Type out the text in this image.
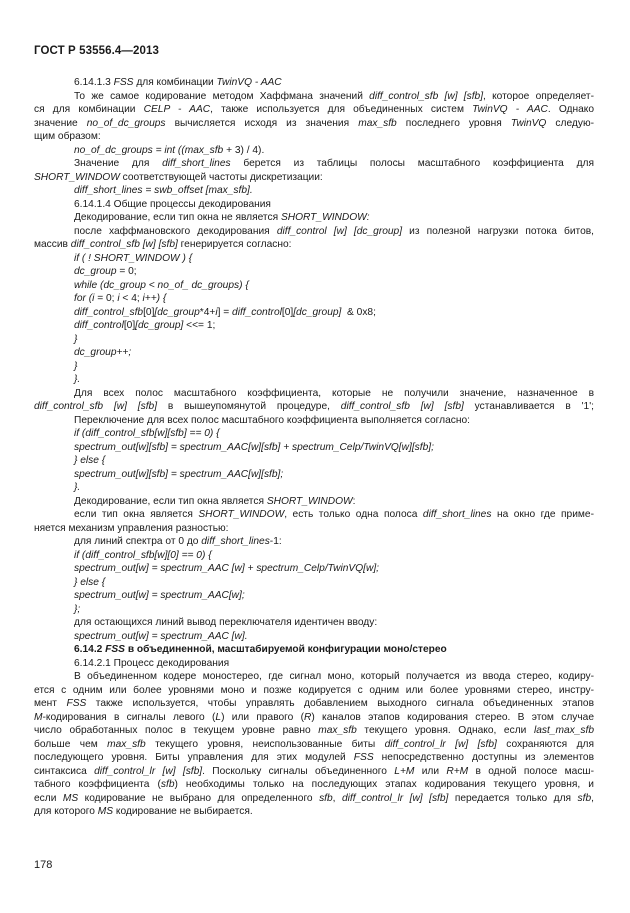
ГОСТ Р 53556.4—2013
6.14.1.3 FSS для комбинации TwinVQ - AAC
То же самое кодирование методом Хаффмана значений diff_control_sfb [w] [sfb], которое определяет-
ся для комбинации CELP - AAC, также используется для объединенных систем TwinVQ - AAC. Однако
значение no_of_dc_groups вычисляется исходя из значения max_sfb последнего уровня TwinVQ следую-
щим образом:
no_of_dc_groups = int ((max_sfb + 3) / 4).
Значение для diff_short_lines берется из таблицы полосы масштабного коэффициента для
SHORT_WINDOW соответствующей частоты дискретизации:
diff_short_lines = swb_offset [max_sfb].
6.14.1.4 Общие процессы декодирования
Декодирование, если тип окна не является SHORT_WINDOW:
после хаффмановского декодирования diff_control [w] [dc_group] из полезной нагрузки потока битов,
массив diff_control_sfb [w] [sfb] генерируется согласно:
if ( ! SHORT_WINDOW ) {
dc_group = 0;
while (dc_group < no_of_ dc_groups) {
for (i = 0; i < 4; i++) {
diff_control_sfb[0][dc_group*4+i] = diff_control[0][dc_group]  & 0x8;
diff_control[0][dc_group] <<= 1;
}
dc_group++;
}
}.
Для всех полос масштабного коэффициента, которые не получили значение, назначенное в
diff_control_sfb [w] [sfb] в вышеупомянутой процедуре, diff_control_sfb [w] [sfb] устанавливается в '1';
Переключение для всех полос масштабного коэффициента выполняется согласно:
if (diff_control_sfb[w][sfb] == 0) {
spectrum_out[w][sfb] = spectrum_AAC[w][sfb] + spectrum_Celp/TwinVQ[w][sfb];
} else {
spectrum_out[w][sfb] = spectrum_AAC[w][sfb];
}.
Декодирование, если тип окна является SHORT_WINDOW:
если тип окна является SHORT_WINDOW, есть только одна полоса diff_short_lines на окно где приме-
няется механизм управления разностью:
для линий спектра от 0 до diff_short_lines-1:
if (diff_control_sfb[w][0] == 0) {
spectrum_out[w] = spectrum_AAC [w] + spectrum_Celp/TwinVQ[w];
} else {
spectrum_out[w] = spectrum_AAC[w];
};
для остающихся линий вывод переключателя идентичен вводу:
spectrum_out[w] = spectrum_AAC [w].
6.14.2 FSS в объединенной, масштабируемой конфигурации моно/стерео
6.14.2.1 Процесс декодирования
В объединенном кодере моностерео, где сигнал моно, который получается из ввода стерео, кодиру-
ется с одним или более уровнями моно и позже кодируется с одним или более уровнями стерео, инстру-
мент FSS также используется, чтобы управлять добавлением выходного сигнала объединенных этапов
M-кодирования в сигналы левого (L) или правого (R) каналов этапов кодирования стерео. В этом случае
число обработанных полос в текущем уровне равно max_sfb текущего уровня. Однако, если last_max_sfb
больше чем max_sfb текущего уровня, неиспользованные биты diff_control_lr [w] [sfb] сохраняются для
последующего уровня. Биты управления для этих модулей FSS непосредственно доступны из элементов
синтаксиса diff_control_lr [w] [sfb]. Поскольку сигналы объединенного L+M или R+M в одной полосе масш-
табного коэффициента (sfb) необходимы только на последующих этапах кодирования текущего уровня, и
если MS кодирование не выбрано для определенного sfb, diff_control_lr [w] [sfb] передается только для sfb,
для которого MS кодирование не выбирается.
178
